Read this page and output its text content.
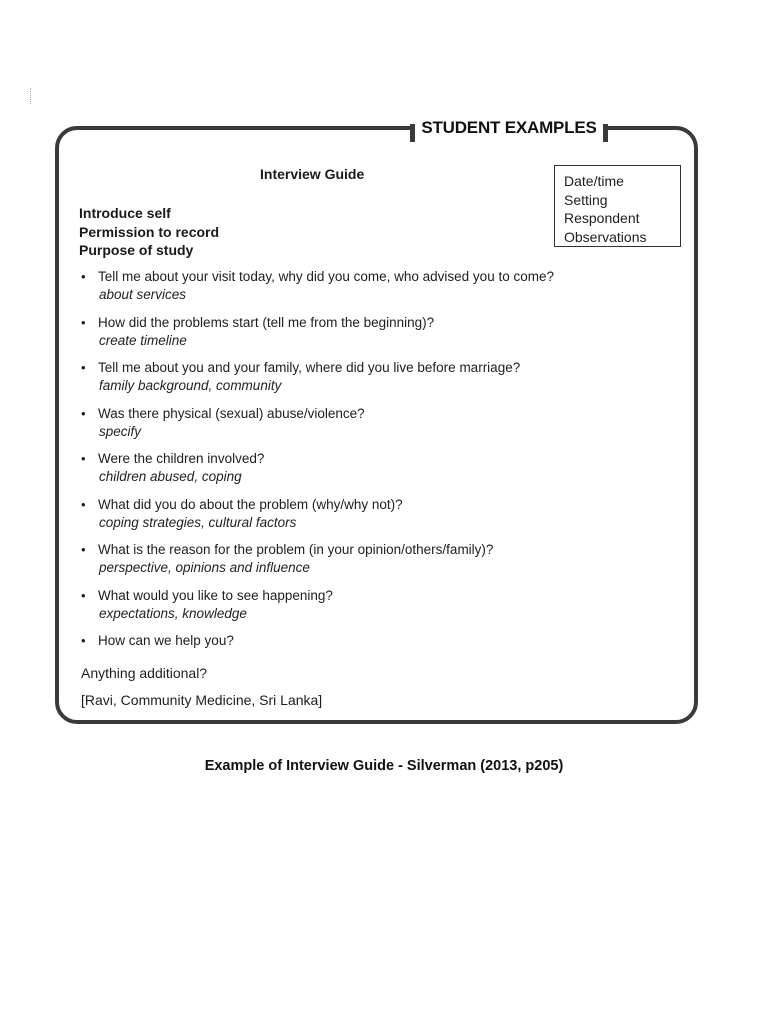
STUDENT EXAMPLES
Interview Guide	Date/time
Setting
Respondent
Observations
Introduce self
Permission to record
Purpose of study
• Tell me about your visit today, why did you come, who advised you to come?
about services
• How did the problems start (tell me from the beginning)?
create timeline
• Tell me about you and your family, where did you live before marriage?
family background, community
• Was there physical (sexual) abuse/violence?
specify
• Were the children involved?
children abused, coping
• What did you do about the problem (why/why not)?
coping strategies, cultural factors
• What is the reason for the problem (in your opinion/others/family)?
perspective, opinions and influence
• What would you like to see happening?
expectations, knowledge
• How can we help you?
Anything additional?
[Ravi, Community Medicine, Sri Lanka]
Example of Interview Guide - Silverman (2013, p205)
